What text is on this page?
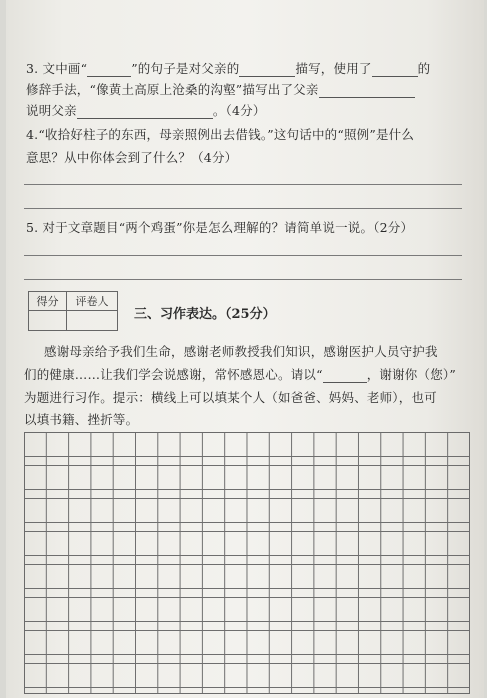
3. 文中画“	”的句子是对父亲的	描写，使用了	的
修辞手法，“像黄土高原上沧桑的沟壑”描写出了父亲
说明父亲	。（4分）
4.“收拾好柱子的东西，母亲照例出去借钱。”这句话中的“照例”是什么
意思？从中你体会到了什么？（4分）
5. 对于文章题目“两个鸡蛋”你是怎么理解的？请简单说一说。（2分）
得分	评卷人

三、习作表达。（25分）
感谢母亲给予我们生命，感谢老师教授我们知识，感谢医护人员守护我
们的健康……让我们学会说感谢，常怀感恩心。请以“	，谢谢你（您）”
为题进行习作。提示：横线上可以填某个人（如爸爸、妈妈、老师），也可
以填书籍、挫折等。
